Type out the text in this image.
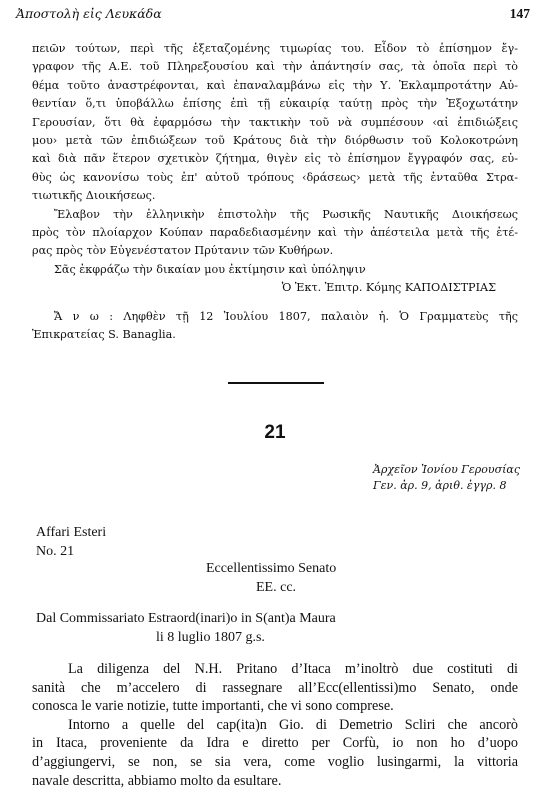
Ἀποστολὴ εἰς Λευκάδα	147
πειῶν τούτων, περὶ τῆς ἐξεταζομένης τιμωρίας του. Εἶδον τὸ ἐπίσημον ἔγ-
γραφον τῆς Α.Ε. τοῦ Πληρεξουσίου καὶ τὴν ἀπάντησίν σας, τὰ ὁποῖα περὶ τὸ
θέμα τοῦτο ἀναστρέφονται, καὶ ἐπαναλαμβάνω εἰς τὴν Υ. Ἐκλαμπροτάτην Αὐ-
θεντίαν ὅ,τι ὑποβάλλω ἐπίσης ἐπὶ τῇ εὐκαιρίᾳ ταύτῃ πρὸς τὴν Ἐξοχωτάτην
Γερουσίαν, ὅτι θὰ ἐφαρμόσω τὴν τακτικὴν τοῦ νὰ συμπέσουν ‹αἱ ἐπιδιώξεις
μου› μετὰ τῶν ἐπιδιώξεων τοῦ Κράτους διὰ τὴν διόρθωσιν τοῦ Κολοκοτρώνη
καὶ διὰ πᾶν ἕτερον σχετικὸν ζήτημα, θιγὲν εἰς τὸ ἐπίσημον ἔγγραφόν σας, εὐ-
θὺς ὡς κανονίσω τοὺς ἐπ' αὐτοῦ τρόπους ‹δράσεως› μετὰ τῆς ἐνταῦθα Στρα-
τιωτικῆς Διοικήσεως.
Ἔλαβον τὴν ἑλληνικὴν ἐπιστολὴν τῆς Ρωσικῆς Ναυτικῆς Διοικήσεως
πρὸς τὸν πλοίαρχον Κούπαν παραδεδιασμένην καὶ τὴν ἀπέστειλα μετὰ τῆς ἑτέ-
ρας πρὸς τὸν Εὐγενέστατον Πρύτανιν τῶν Κυθήρων.
Σᾶς ἐκφράζω τὴν δικαίαν μου ἐκτίμησιν καὶ ὑπόληψιν
Ὁ Ἐκτ. Ἐπιτρ. Κόμης ΚΑΠΟΔΙΣΤΡΙΑΣ
Ἄ ν ω : Ληφθὲν τῇ 12 Ἰουλίου 1807, παλαιὸν ἡ. Ὁ Γραμματεὺς τῆς
Ἐπικρατείας S. Banaglia.
21
Ἀρχεῖον Ἰονίου Γερουσίας
Γεν. ἀρ. 9, ἀριθ. ἐγγρ. 8
Affari Esteri
No. 21
Eccellentissimo Senato
EE. cc.
Dal Commissariato Estraord(inari)o in S(ant)a Maura
li 8 luglio 1807 g.s.
La diligenza del N.H. Pritano d’Itaca m’inoltrò due costituti di
sanità che m’accelero di rassegnare all’Ecc(ellentissi)mo Senato, onde
conosca le varie notizie, tutte importanti, che vi sono comprese.
Intorno a quelle del cap(ita)n Gio. di Demetrio Scliri che ancorò
in Itaca, proveniente da Idra e diretto per Corfù, io non ho d’uopo
d’aggiungervi, se non, se sia vera, come voglio lusingarmi, la vittoria
navale descritta, abbiamo molto da esultare.
